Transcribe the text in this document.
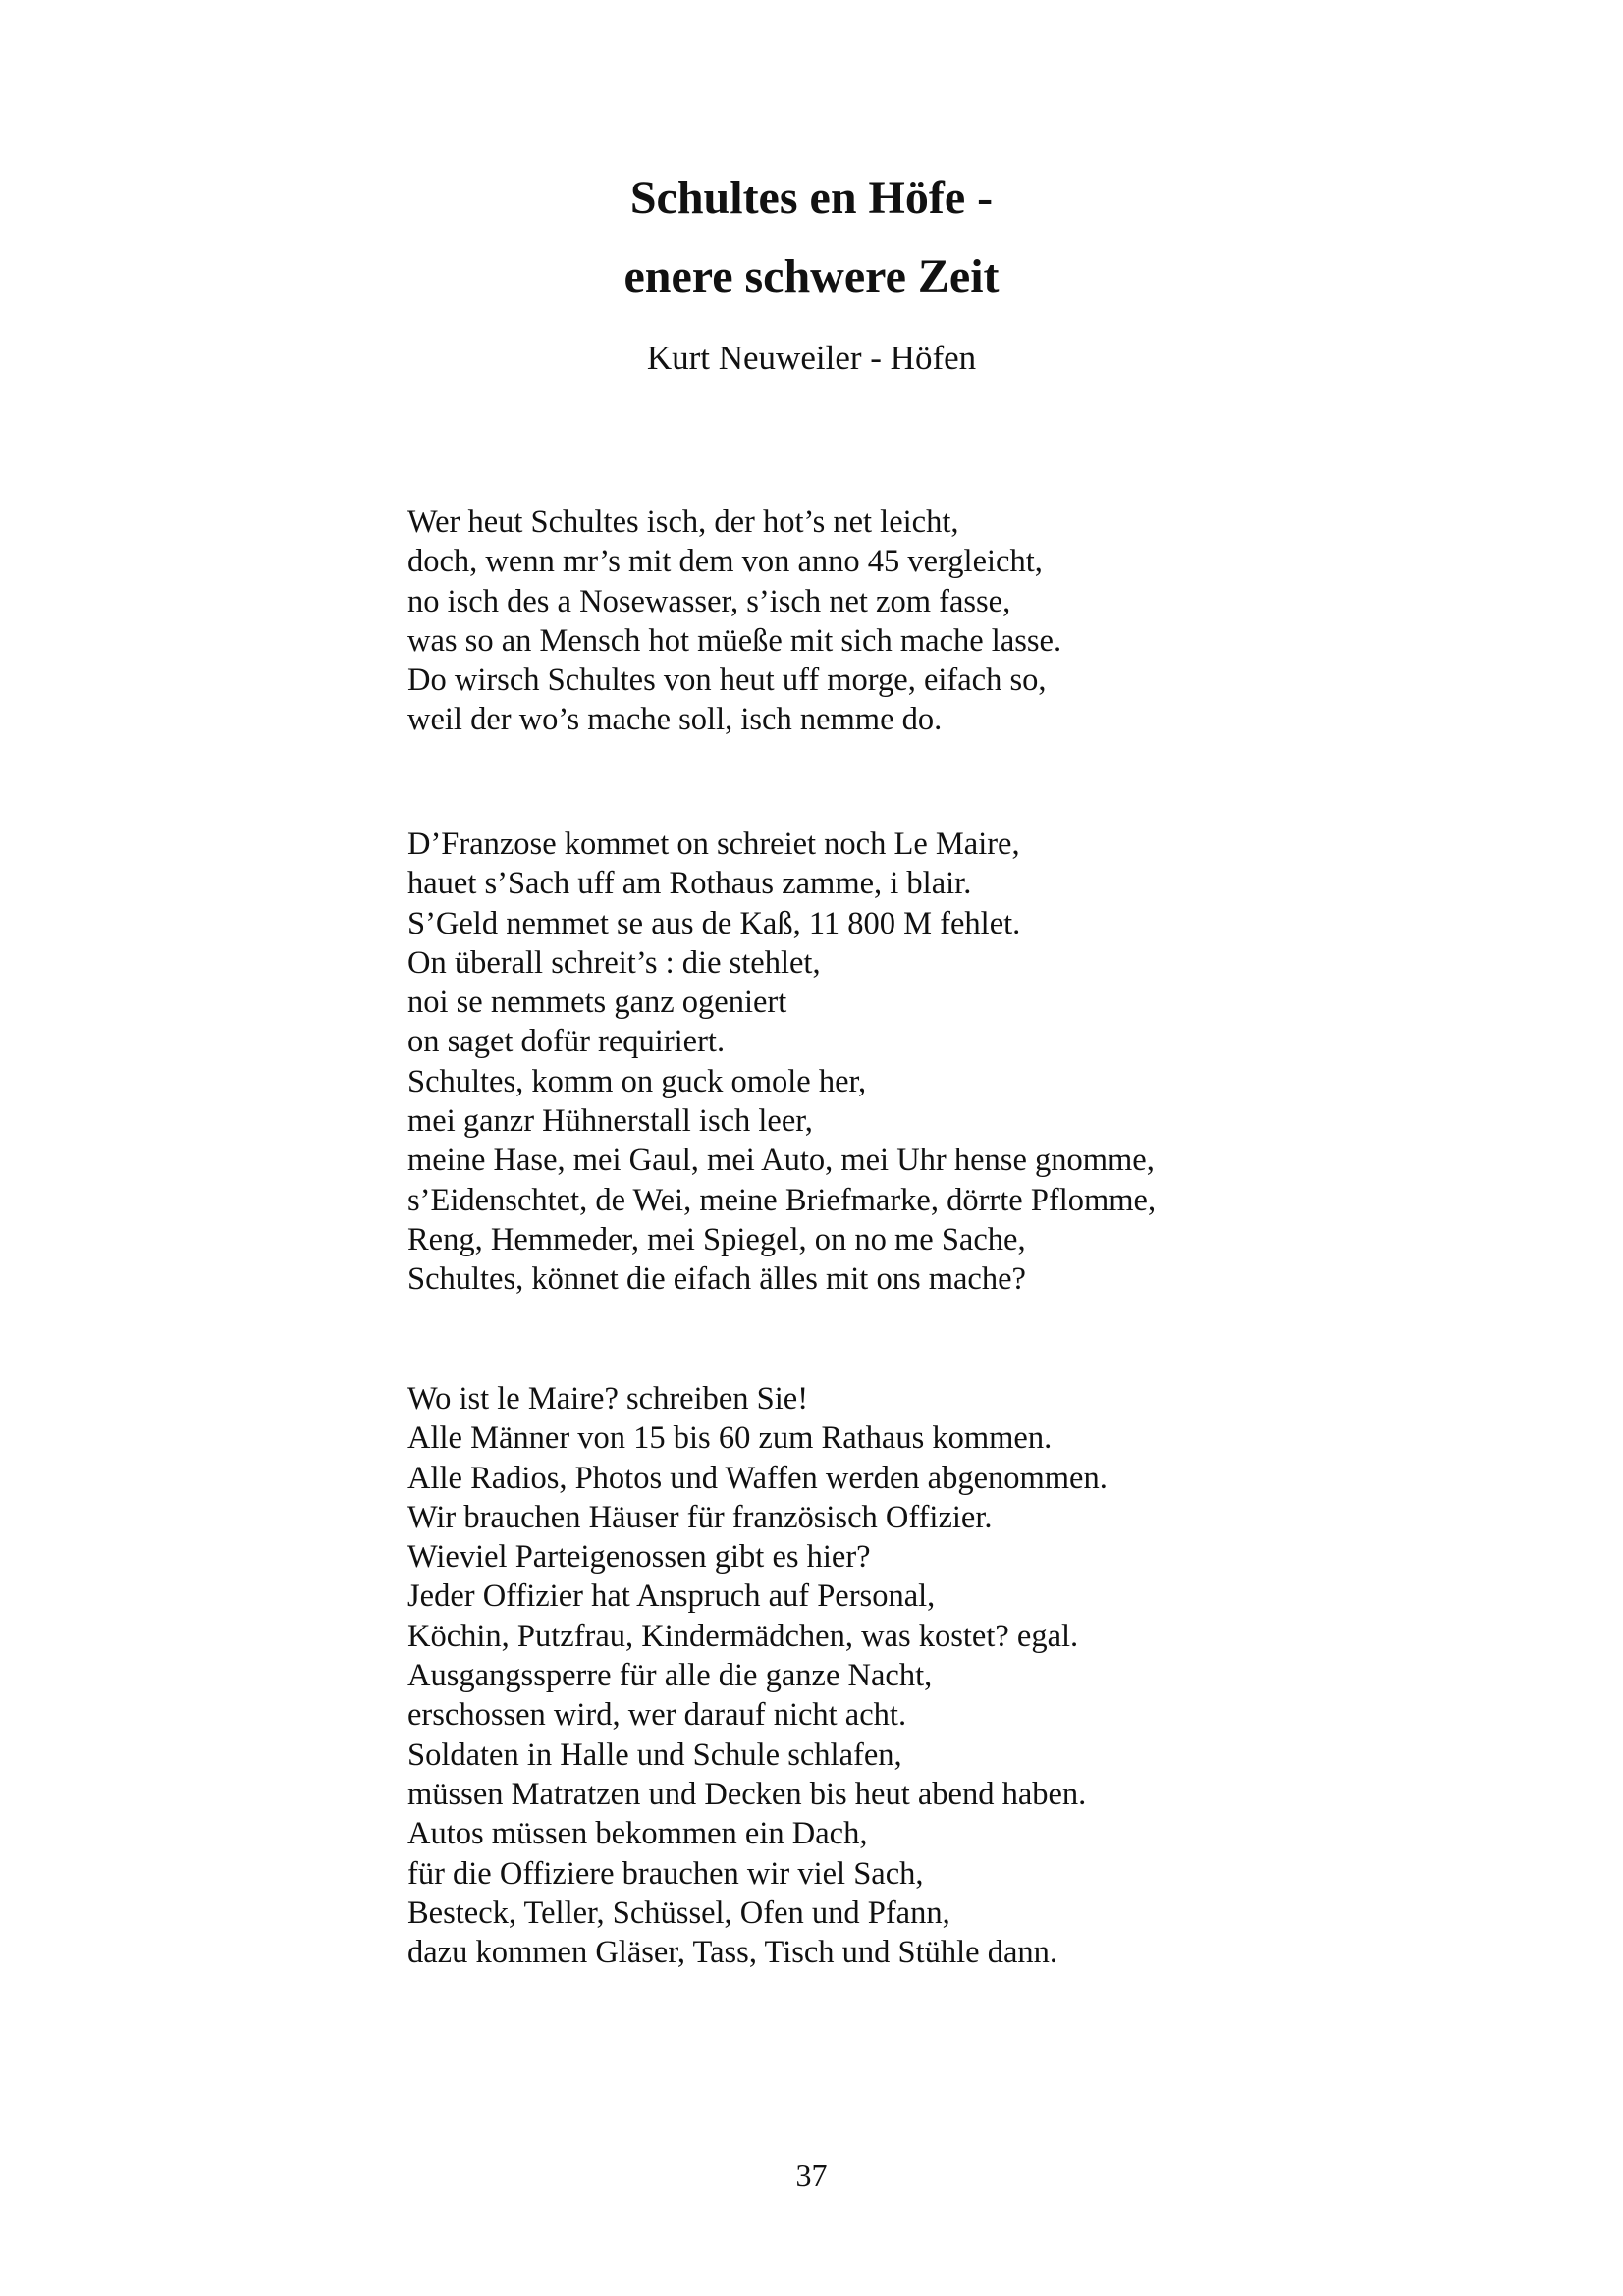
Schultes en Höfe -
enere schwere Zeit
Kurt Neuweiler - Höfen
Wer heut Schultes isch, der hot’s net leicht,
doch, wenn mr’s mit dem von anno 45 vergleicht,
no isch des a Nosewasser, s’isch net zom fasse,
was so an Mensch hot müeße mit sich mache lasse.
Do wirsch Schultes von heut uff morge, eifach so,
weil der wo’s mache soll, isch nemme do.
D’Franzose kommet on schreiet noch Le Maire,
hauet s’Sach uff am Rothaus zamme, i blair.
S’Geld nemmet se aus de Kaß, 11 800 M fehlet.
On überall schreit’s : die stehlet,
noi se nemmets ganz ogeniert
on saget dofür requiriert.
Schultes, komm on guck omole her,
mei ganzr Hühnerstall isch leer,
meine Hase, mei Gaul, mei Auto, mei Uhr hense gnomme,
s’Eidenschtet, de Wei, meine Briefmarke, dörrte Pflomme,
Reng, Hemmeder, mei Spiegel, on no me Sache,
Schultes, könnet die eifach älles mit ons mache?
Wo ist le Maire? schreiben Sie!
Alle Männer von 15 bis 60 zum Rathaus kommen.
Alle Radios, Photos und Waffen werden abgenommen.
Wir brauchen Häuser für französisch Offizier.
Wieviel Parteigenossen gibt es hier?
Jeder Offizier hat Anspruch auf Personal,
Köchin, Putzfrau, Kindermädchen, was kostet? egal.
Ausgangssperre für alle die ganze Nacht,
erschossen wird, wer darauf nicht acht.
Soldaten in Halle und Schule schlafen,
müssen Matratzen und Decken bis heut abend haben.
Autos müssen bekommen ein Dach,
für die Offiziere brauchen wir viel Sach,
Besteck, Teller, Schüssel, Ofen und Pfann,
dazu kommen Gläser, Tass, Tisch und Stühle dann.
37
